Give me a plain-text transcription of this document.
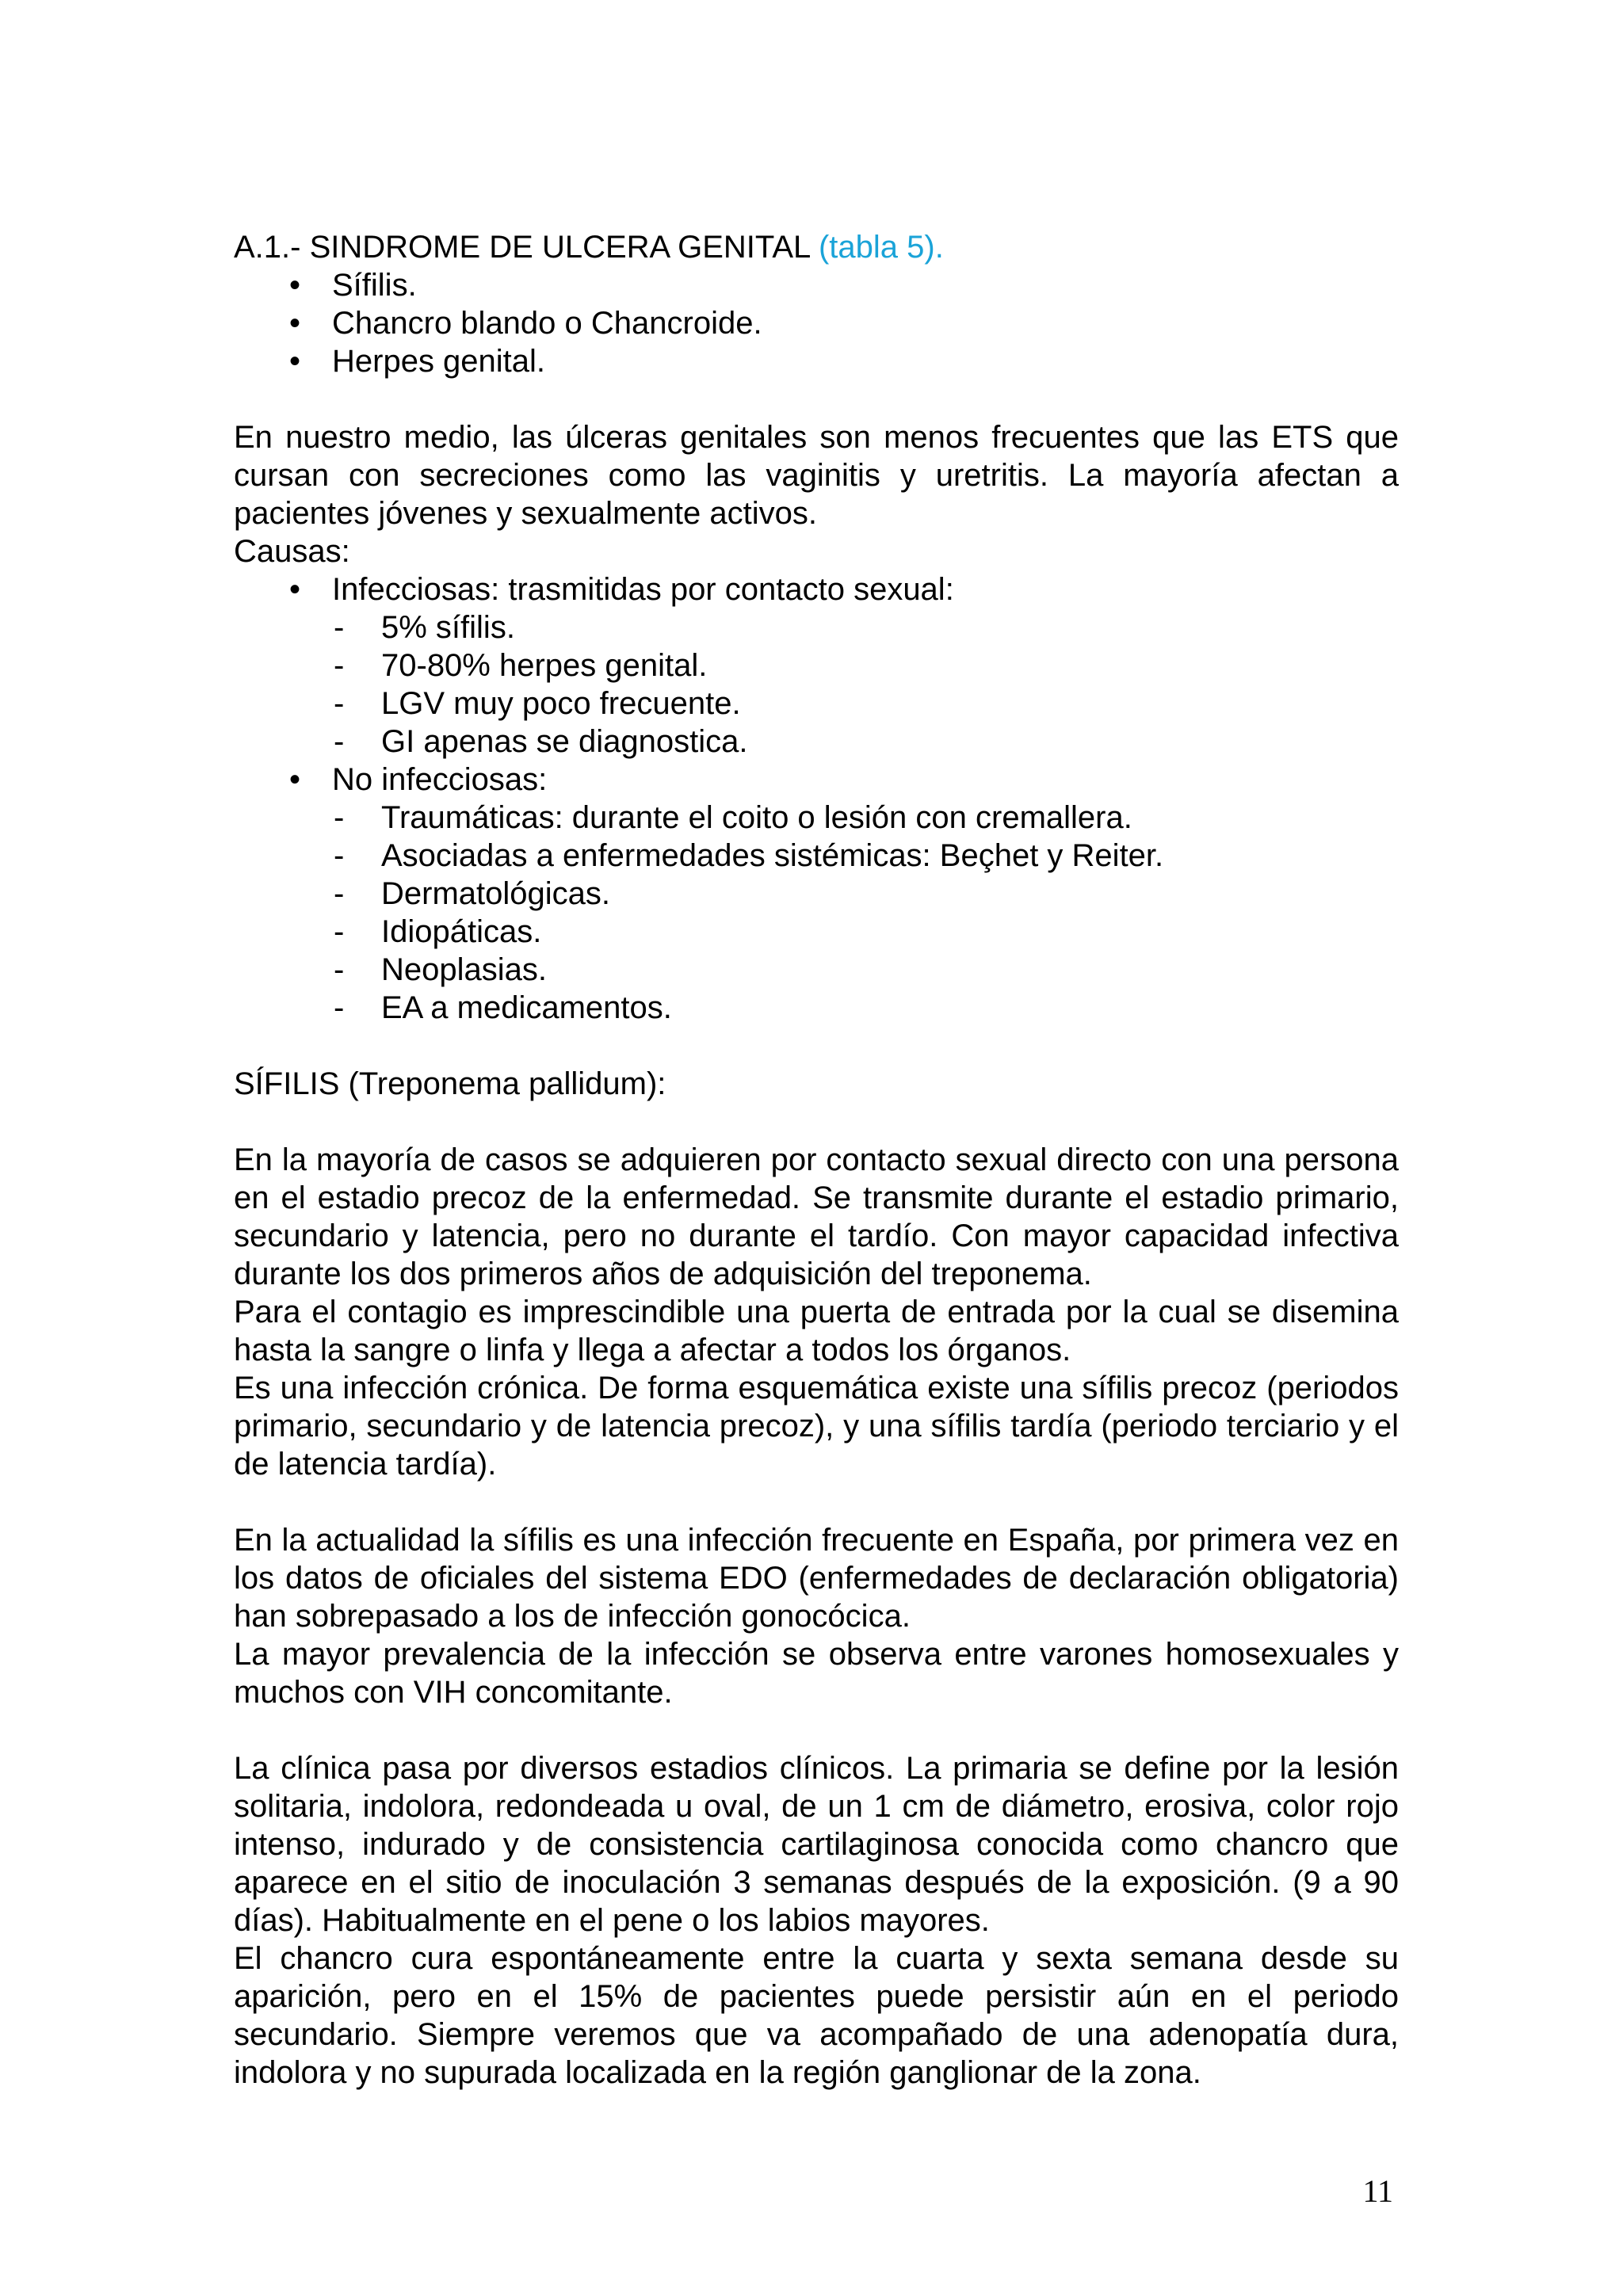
A.1.- SINDROME DE ULCERA GENITAL (tabla 5).

• Sífilis.
• Chancro blando o Chancroide.
• Herpes genital.

En nuestro medio, las úlceras genitales son menos frecuentes que las ETS que cursan con secreciones como las vaginitis y uretritis. La mayoría afectan a pacientes jóvenes y sexualmente activos.

Causas:

• Infecciosas: trasmitidas por contacto sexual:
- 5% sífilis.
- 70-80% herpes genital.
- LGV muy poco frecuente.
- GI apenas se diagnostica.
• No infecciosas:
- Traumáticas: durante el coito o lesión con cremallera.
- Asociadas a enfermedades sistémicas: Beçhet y Reiter.
- Dermatológicas.
- Idiopáticas.
- Neoplasias.
- EA a medicamentos.

SÍFILIS (Treponema pallidum):

En la mayoría de casos se adquieren por contacto sexual directo con una persona en el estadio precoz de la enfermedad. Se transmite durante el estadio primario, secundario y latencia, pero no durante el tardío. Con mayor capacidad infectiva durante los dos primeros años de adquisición del treponema.

Para el contagio es imprescindible una puerta de entrada por la cual se disemina hasta la sangre o linfa y llega a afectar a todos los órganos.

Es una infección crónica. De forma esquemática existe una sífilis precoz (periodos primario, secundario y de latencia precoz), y una sífilis tardía (periodo terciario y el de latencia tardía).

En la actualidad la sífilis es una infección frecuente en España, por primera vez en los datos de oficiales del sistema EDO (enfermedades de declaración obligatoria) han sobrepasado a los de infección gonocócica.

La mayor prevalencia de la infección se observa entre varones homosexuales y muchos con VIH concomitante.

La clínica pasa por diversos estadios clínicos. La primaria se define por la lesión solitaria, indolora, redondeada u oval, de un 1 cm de diámetro, erosiva, color rojo intenso, indurado y de consistencia cartilaginosa conocida como chancro que aparece en el sitio de inoculación 3 semanas después de la exposición. (9 a 90 días). Habitualmente en el pene o los labios mayores.

El chancro cura espontáneamente entre la cuarta y sexta semana desde su aparición, pero en el 15% de pacientes puede persistir aún en el periodo secundario. Siempre veremos que va acompañado de una adenopatía dura, indolora y no supurada localizada en la región ganglionar de la zona.

11
